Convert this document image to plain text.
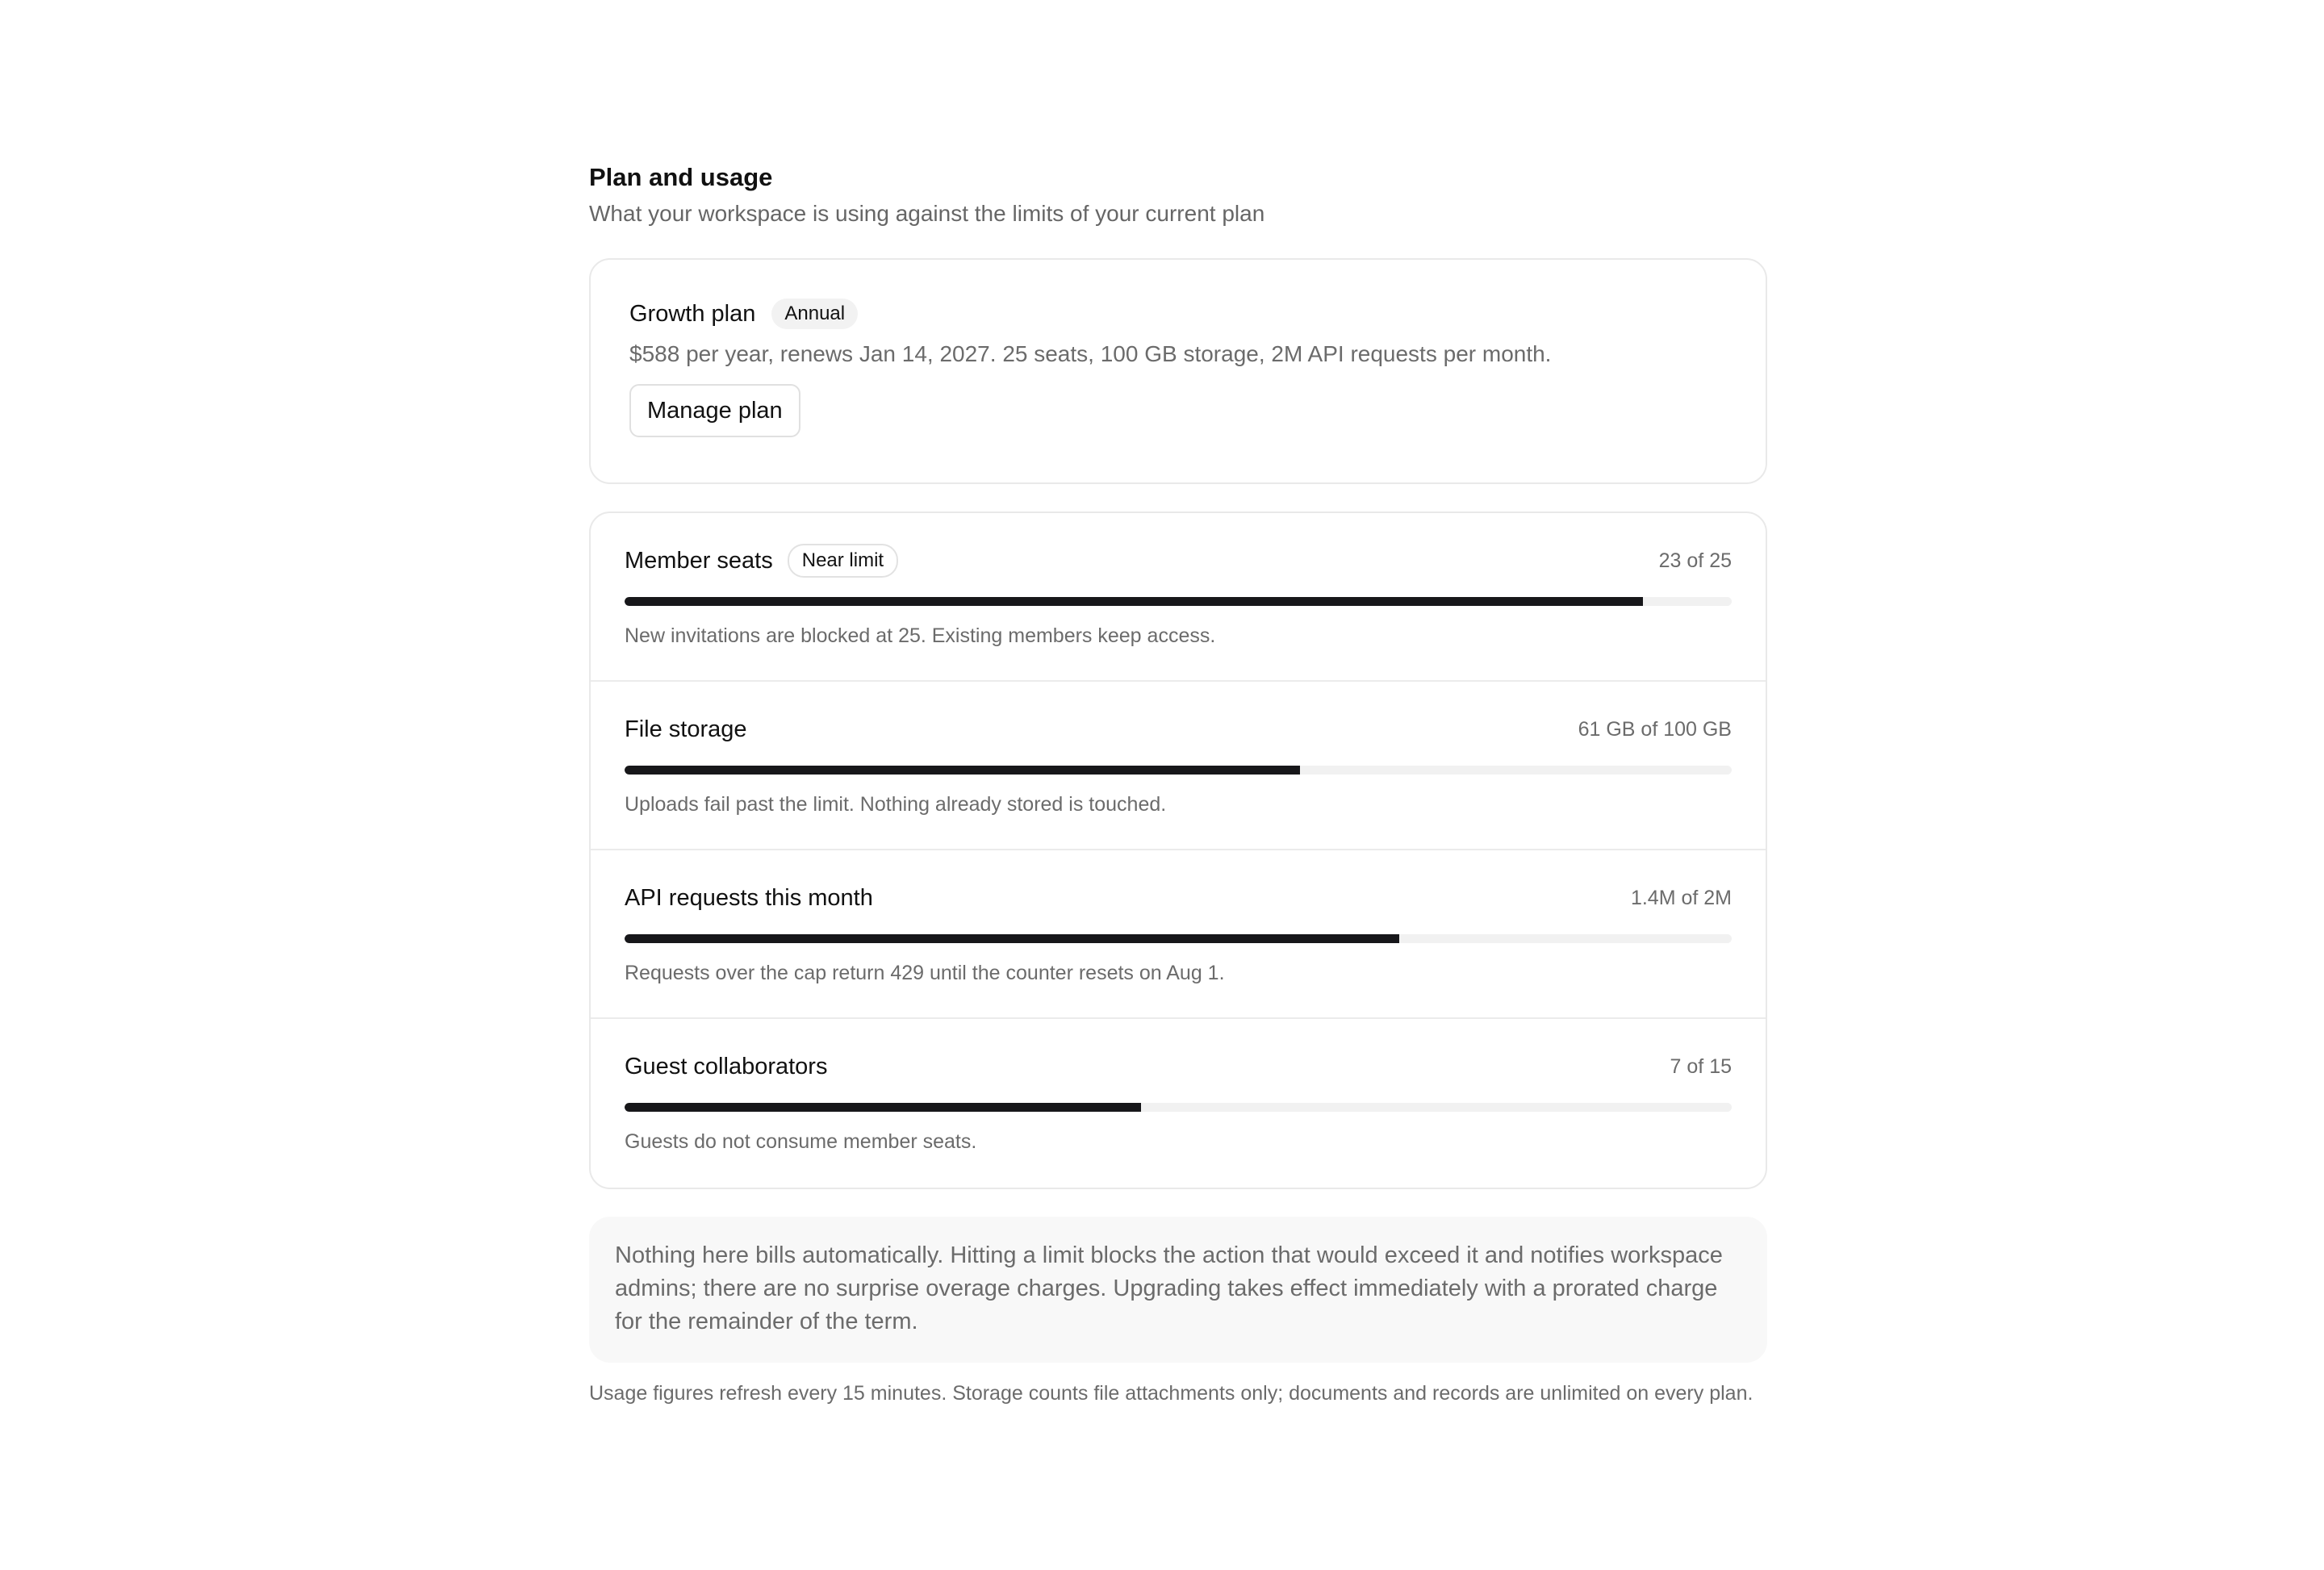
Plan and usage
What your workspace is using against the limits of your current plan
Growth plan	Annual
$588 per year, renews Jan 14, 2027. 25 seats, 100 GB storage, 2M API requests per month.
Manage plan
Member seats	Near limit	23 of 25
New invitations are blocked at 25. Existing members keep access.
File storage	61 GB of 100 GB
Uploads fail past the limit. Nothing already stored is touched.
API requests this month	1.4M of 2M
Requests over the cap return 429 until the counter resets on Aug 1.
Guest collaborators	7 of 15
Guests do not consume member seats.
Nothing here bills automatically. Hitting a limit blocks the action that would exceed it and notifies workspace admins; there are no surprise overage charges. Upgrading takes effect immediately with a prorated charge for the remainder of the term.
Usage figures refresh every 15 minutes. Storage counts file attachments only; documents and records are unlimited on every plan.
